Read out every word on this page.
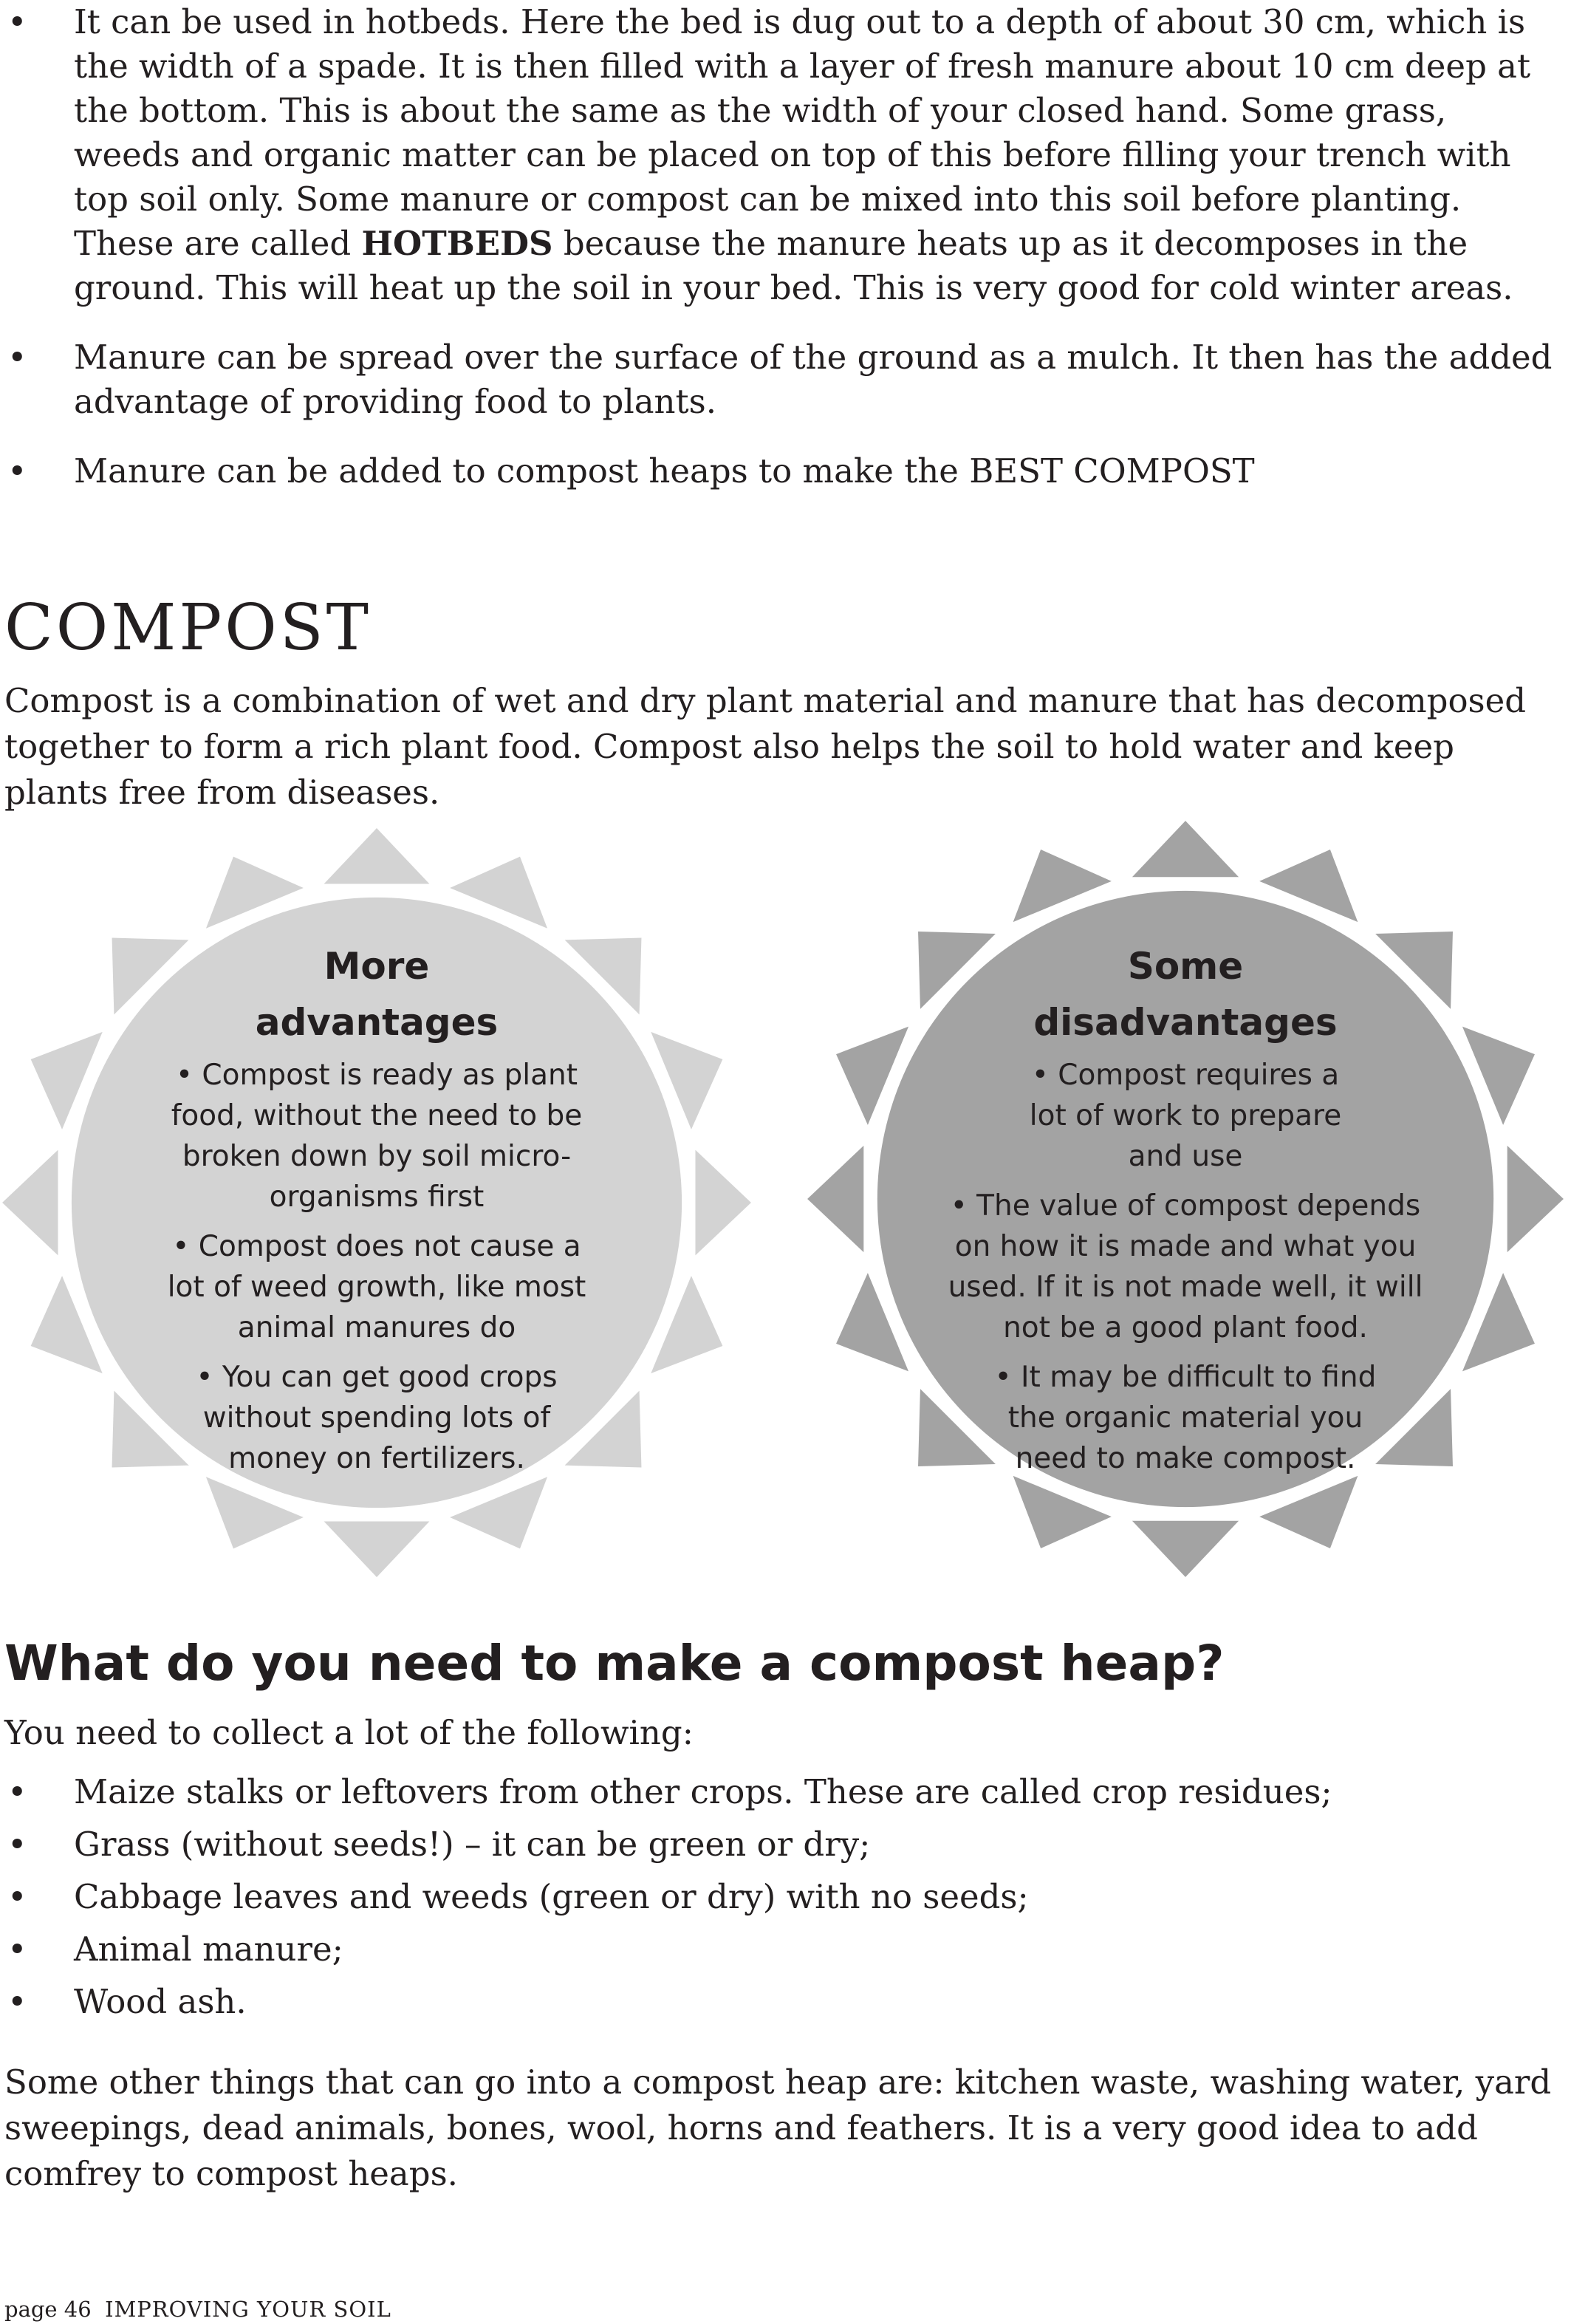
• It can be used in hotbeds. Here the bed is dug out to a depth of about 30 cm, which is the width of a spade. It is then filled with a layer of fresh manure about 10 cm deep at the bottom. This is about the same as the width of your closed hand. Some grass, weeds and organic matter can be placed on top of this before filling your trench with top soil only. Some manure or compost can be mixed into this soil before planting.
These are called HOTBEDS because the manure heats up as it decomposes in the ground. This will heat up the soil in your bed. This is very good for cold winter areas.
• Manure can be spread over the surface of the ground as a mulch. It then has the added advantage of providing food to plants.
• Manure can be added to compost heaps to make the BEST COMPOST
COMPOST

Compost is a combination of wet and dry plant material and manure that has decomposed together to form a rich plant food. Compost also helps the soil to hold water and keep plants free from diseases.

More
advantages

• Compost is ready as plant food, without the need to be broken down by soil micro-organisms first

• Compost does not cause a lot of weed growth, like most animal manures do

• You can get good crops without spending lots of money on fertilizers.

Some
disadvantages

• Compost requires a lot of work to prepare and use

• The value of compost depends on how it is made and what you used. If it is not made well, it will not be a good plant food.

• It may be difficult to find the organic material you need to make compost.

What do you need to make a compost heap?

You need to collect a lot of the following:

• Maize stalks or leftovers from other crops. These are called crop residues;
• Grass (without seeds!) – it can be green or dry;
• Cabbage leaves and weeds (green or dry) with no seeds;
• Animal manure;
• Wood ash.

Some other things that can go into a compost heap are: kitchen waste, washing water, yard sweepings, dead animals, bones, wool, horns and feathers. It is a very good idea to add comfrey to compost heaps.

page 46 IMPROVING YOUR SOIL
